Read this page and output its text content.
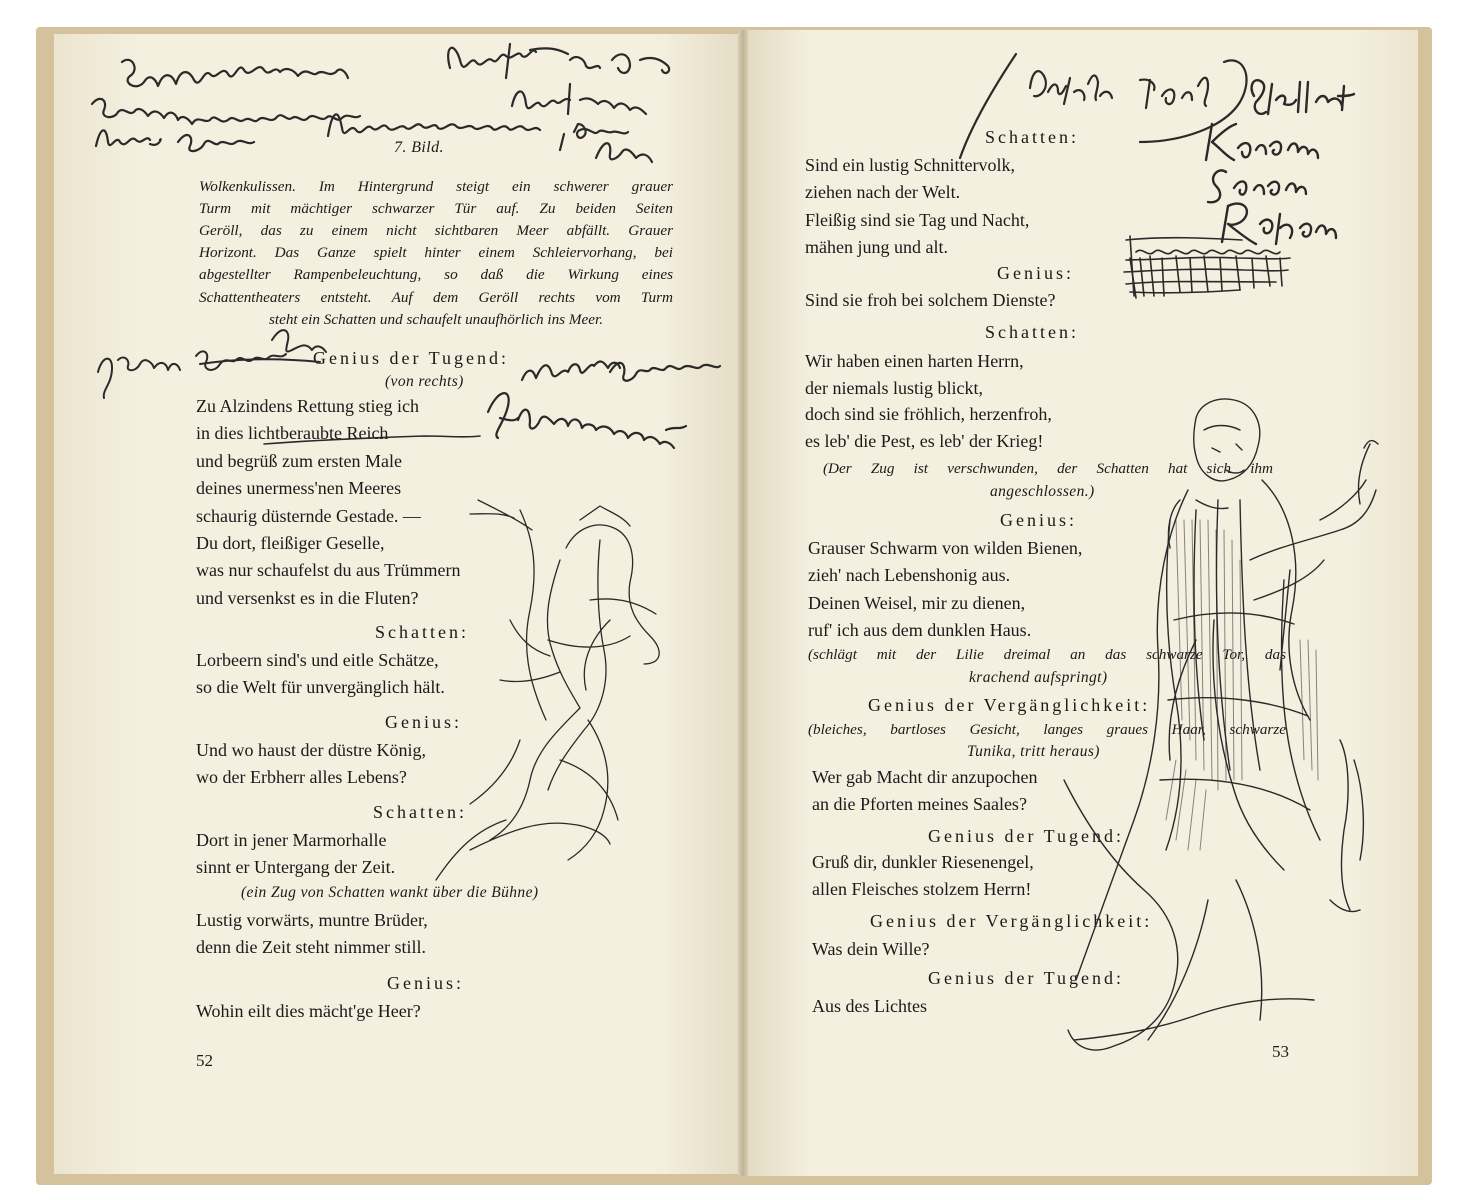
7. Bild.

Wolkenkulissen. Im Hintergrund steigt ein schwerer grauer

Turm mit mächtiger schwarzer Tür auf. Zu beiden Seiten

Geröll, das zu einem nicht sichtbaren Meer abfällt. Grauer

Horizont. Das Ganze spielt hinter einem Schleiervorhang, bei

abgestellter Rampenbeleuchtung, so daß die Wirkung eines

Schattentheaters entsteht. Auf dem Geröll rechts vom Turm

steht ein Schatten und schaufelt unaufhörlich ins Meer.

Genius der Tugend:

(von rechts)

Zu Alzindens Rettung stieg ich

in dies lichtberaubte Reich

und begrüß zum ersten Male

deines unermess'nen Meeres

schaurig düsternde Gestade. —

Du dort, fleißiger Geselle,

was nur schaufelst du aus Trümmern

und versenkst es in die Fluten?

Schatten:

Lorbeern sind's und eitle Schätze,

so die Welt für unvergänglich hält.

Genius:

Und wo haust der düstre König,

wo der Erbherr alles Lebens?

Schatten:

Dort in jener Marmorhalle

sinnt er Untergang der Zeit.

(ein Zug von Schatten wankt über die Bühne)

Lustig vorwärts, muntre Brüder,

denn die Zeit steht nimmer still.

Genius:

Wohin eilt dies mächt'ge Heer?

52

Schatten:

Sind ein lustig Schnittervolk,

ziehen nach der Welt.

Fleißig sind sie Tag und Nacht,

mähen jung und alt.

Genius:

Sind sie froh bei solchem Dienste?

Schatten:

Wir haben einen harten Herrn,

der niemals lustig blickt,

doch sind sie fröhlich, herzenfroh,

es leb' die Pest, es leb' der Krieg!

(Der Zug ist verschwunden, der Schatten hat sich ihm

angeschlossen.)

Genius:

Grauser Schwarm von wilden Bienen,

zieh' nach Lebenshonig aus.

Deinen Weisel, mir zu dienen,

ruf' ich aus dem dunklen Haus.

(schlägt mit der Lilie dreimal an das schwarze Tor, das

krachend aufspringt)

Genius der Vergänglichkeit:

(bleiches, bartloses Gesicht, langes graues Haar, schwarze

Tunika, tritt heraus)

Wer gab Macht dir anzupochen

an die Pforten meines Saales?

Genius der Tugend:

Gruß dir, dunkler Riesenengel,

allen Fleisches stolzem Herrn!

Genius der Vergänglichkeit:

Was dein Wille?

Genius der Tugend:

Aus des Lichtes

53
